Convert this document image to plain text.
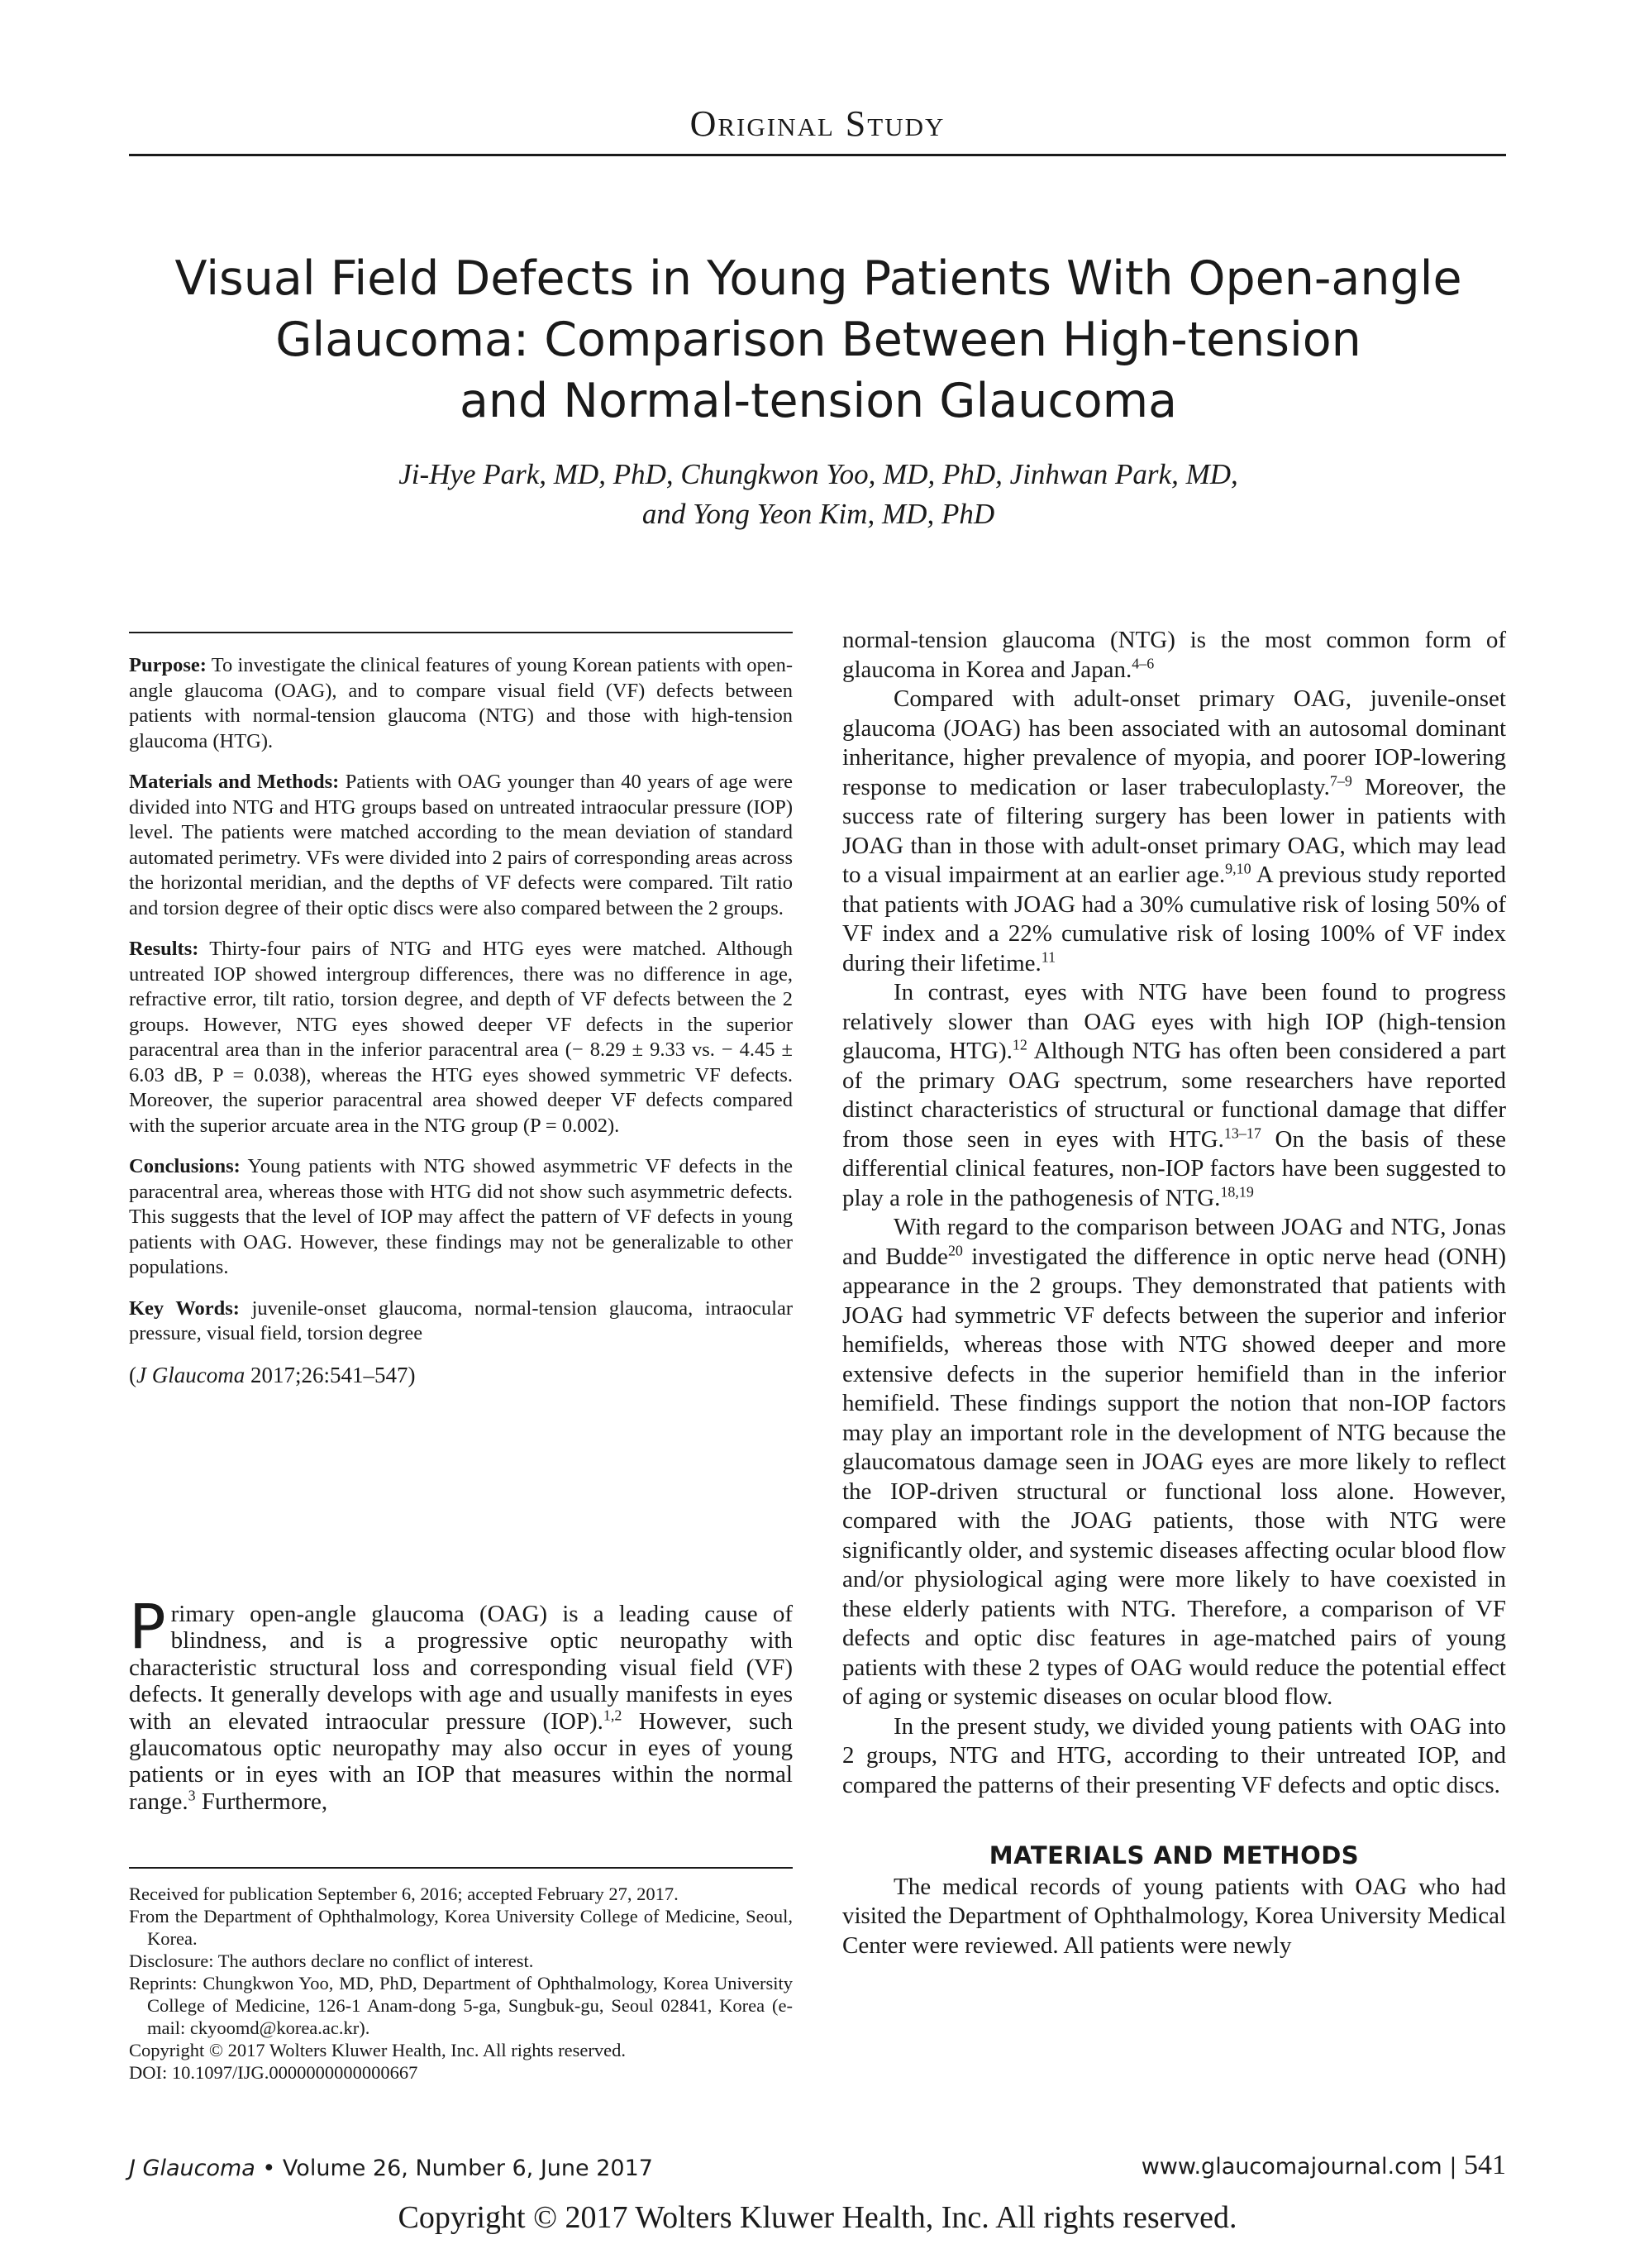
Original Study
Visual Field Defects in Young Patients With Open-angle
Glaucoma: Comparison Between High-tension
and Normal-tension Glaucoma
Ji-Hye Park, MD, PhD, Chungkwon Yoo, MD, PhD, Jinhwan Park, MD,
and Yong Yeon Kim, MD, PhD

Purpose: To investigate the clinical features of young Korean patients with open-angle glaucoma (OAG), and to compare visual field (VF) defects between patients with normal-tension glaucoma (NTG) and those with high-tension glaucoma (HTG).

Materials and Methods: Patients with OAG younger than 40 years of age were divided into NTG and HTG groups based on untreated intraocular pressure (IOP) level. The patients were matched according to the mean deviation of standard automated perimetry. VFs were divided into 2 pairs of corresponding areas across the horizontal meridian, and the depths of VF defects were compared. Tilt ratio and torsion degree of their optic discs were also compared between the 2 groups.

Results: Thirty-four pairs of NTG and HTG eyes were matched. Although untreated IOP showed intergroup differences, there was no difference in age, refractive error, tilt ratio, torsion degree, and depth of VF defects between the 2 groups. However, NTG eyes showed deeper VF defects in the superior paracentral area than in the inferior paracentral area (− 8.29 ± 9.33 vs. − 4.45 ± 6.03 dB, P = 0.038), whereas the HTG eyes showed symmetric VF defects. Moreover, the superior paracentral area showed deeper VF defects compared with the superior arcuate area in the NTG group (P = 0.002).

Conclusions: Young patients with NTG showed asymmetric VF defects in the paracentral area, whereas those with HTG did not show such asymmetric defects. This suggests that the level of IOP may affect the pattern of VF defects in young patients with OAG. However, these findings may not be generalizable to other populations.

Key Words: juvenile-onset glaucoma, normal-tension glaucoma, intraocular pressure, visual field, torsion degree

(J Glaucoma 2017;26:541–547)

Primary open-angle glaucoma (OAG) is a leading cause of blindness, and is a progressive optic neuropathy with characteristic structural loss and corresponding visual field (VF) defects. It generally develops with age and usually manifests in eyes with an elevated intraocular pressure (IOP).$^{1,2}$ However, such glaucomatous optic neuropathy may also occur in eyes of young patients or in eyes with an IOP that measures within the normal range.$^3$ Furthermore,
Received for publication September 6, 2016; accepted February 27, 2017.
From the Department of Ophthalmology, Korea University College of Medicine, Seoul, Korea.
Disclosure: The authors declare no conflict of interest.
Reprints: Chungkwon Yoo, MD, PhD, Department of Ophthalmology, Korea University College of Medicine, 126-1 Anam-dong 5-ga, Sungbuk-gu, Seoul 02841, Korea (e-mail: ckyoomd@korea.ac.kr).
Copyright © 2017 Wolters Kluwer Health, Inc. All rights reserved.
DOI: 10.1097/IJG.0000000000000667

normal-tension glaucoma (NTG) is the most common form of glaucoma in Korea and Japan.$^{4-6}$

Compared with adult-onset primary OAG, juvenile-onset glaucoma (JOAG) has been associated with an autosomal dominant inheritance, higher prevalence of myopia, and poorer IOP-lowering response to medication or laser trabeculoplasty.$^{7-9}$ Moreover, the success rate of filtering surgery has been lower in patients with JOAG than in those with adult-onset primary OAG, which may lead to a visual impairment at an earlier age.$^{9,10}$ A previous study reported that patients with JOAG had a 30% cumulative risk of losing 50% of VF index and a 22% cumulative risk of losing 100% of VF index during their lifetime.$^{11}$

In contrast, eyes with NTG have been found to progress relatively slower than OAG eyes with high IOP (high-tension glaucoma, HTG).$^{12}$ Although NTG has often been considered a part of the primary OAG spectrum, some researchers have reported distinct characteristics of structural or functional damage that differ from those seen in eyes with HTG.$^{13-17}$ On the basis of these differential clinical features, non-IOP factors have been suggested to play a role in the pathogenesis of NTG.$^{18,19}$

With regard to the comparison between JOAG and NTG, Jonas and Budde$^{20}$ investigated the difference in optic nerve head (ONH) appearance in the 2 groups. They demonstrated that patients with JOAG had symmetric VF defects between the superior and inferior hemifields, whereas those with NTG showed deeper and more extensive defects in the superior hemifield than in the inferior hemifield. These findings support the notion that non-IOP factors may play an important role in the development of NTG because the glaucomatous damage seen in JOAG eyes are more likely to reflect the IOP-driven structural or functional loss alone. However, compared with the JOAG patients, those with NTG were significantly older, and systemic diseases affecting ocular blood flow and/or physiological aging were more likely to have coexisted in these elderly patients with NTG. Therefore, a comparison of VF defects and optic disc features in age-matched pairs of young patients with these 2 types of OAG would reduce the potential effect of aging or systemic diseases on ocular blood flow.

In the present study, we divided young patients with OAG into 2 groups, NTG and HTG, according to their untreated IOP, and compared the patterns of their presenting VF defects and optic discs.

MATERIALS AND METHODS

The medical records of young patients with OAG who had visited the Department of Ophthalmology, Korea University Medical Center were reviewed. All patients were newly

J Glaucoma • Volume 26, Number 6, June 2017	www.glaucomajournal.com | 541
Copyright © 2017 Wolters Kluwer Health, Inc. All rights reserved.
